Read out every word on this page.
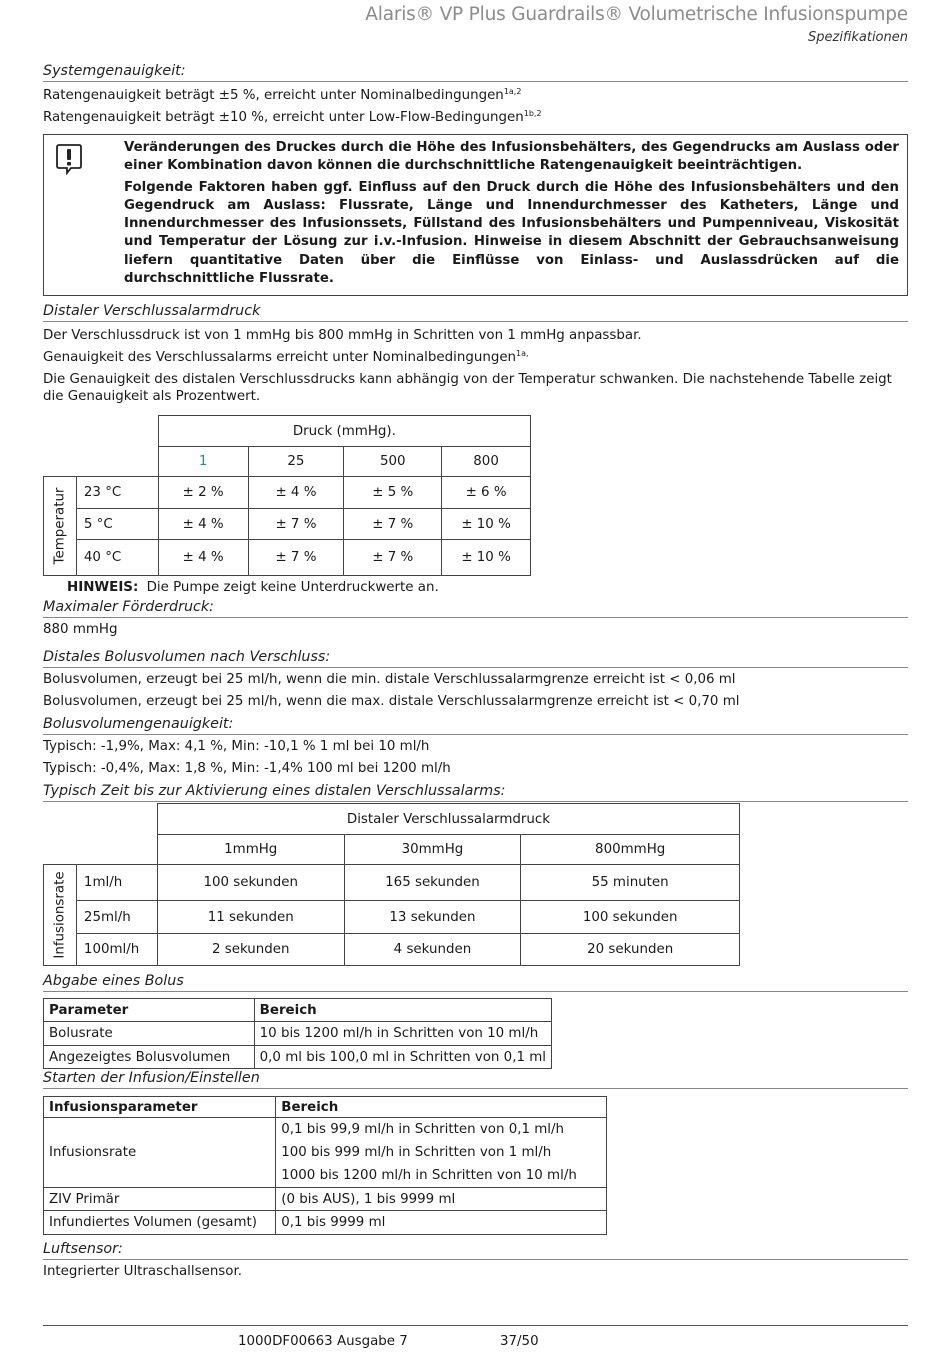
Alaris® VP Plus Guardrails® Volumetrische Infusionspumpe
Spezifikationen
Systemgenauigkeit:
Ratengenauigkeit beträgt ±5 %, erreicht unter Nominalbedingungen$^{1a,2}$
Ratengenauigkeit beträgt ±10 %, erreicht unter Low-Flow-Bedingungen$^{1b,2}$

Veränderungen des Druckes durch die Höhe des Infusionsbehälters, des Gegendrucks am Auslass oder einer Kombination davon können die durchschnittliche Ratengenauigkeit beeinträchtigen.

Folgende Faktoren haben ggf. Einfluss auf den Druck durch die Höhe des Infusionsbehälters und den Gegendruck am Auslass: Flussrate, Länge und Innendurchmesser des Katheters, Länge und Innendurchmesser des Infusionssets, Füllstand des Infusionsbehälters und Pumpenniveau, Viskosität und Temperatur der Lösung zur i.v.-Infusion. Hinweise in diesem Abschnitt der Gebrauchsanweisung liefern quantitative Daten über die Einflüsse von Einlass- und Auslassdrücken auf die durchschnittliche Flussrate.

Distaler Verschlussalarmdruck
Der Verschlussdruck ist von 1 mmHg bis 800 mmHg in Schritten von 1 mmHg anpassbar.
Genauigkeit des Verschlussalarms erreicht unter Nominalbedingungen$^{1a,}$
Die Genauigkeit des distalen Verschlussdrucks kann abhängig von der Temperatur schwanken. Die nachstehende Tabelle zeigt die Genauigkeit als Prozentwert.
		Druck (mmHg).			
		1	25	500	800

Temperatur	23 °C	± 2 %	± 4 %	± 5 %	± 6 %
	5 °C	± 4 %	± 7 %	± 7 %	± 10 %
	40 °C	± 4 %	± 7 %	± 7 %	± 10 %
HINWEIS: Die Pumpe zeigt keine Unterdruckwerte an.
Maximaler Förderdruck:
880 mmHg
Distales Bolusvolumen nach Verschluss:
Bolusvolumen, erzeugt bei 25 ml/h, wenn die min. distale Verschlussalarmgrenze erreicht ist < 0,06 ml
Bolusvolumen, erzeugt bei 25 ml/h, wenn die max. distale Verschlussalarmgrenze erreicht ist < 0,70 ml
Bolusvolumengenauigkeit:
Typisch: -1,9%, Max: 4,1 %, Min: -10,1 % 1 ml bei 10 ml/h
Typisch: -0,4%, Max: 1,8 %, Min: -1,4% 100 ml bei 1200 ml/h
Typisch Zeit bis zur Aktivierung eines distalen Verschlussalarms:
		Distaler Verschlussalarmdruck		
		1mmHg	30mmHg	800mmHg

Infusionsrate	1ml/h	100 sekunden	165 sekunden	55 minuten
	25ml/h	11 sekunden	13 sekunden	100 sekunden
	100ml/h	2 sekunden	4 sekunden	20 sekunden
Abgabe eines Bolus
Parameter	Bereich
Bolusrate	10 bis 1200 ml/h in Schritten von 10 ml/h
Angezeigtes Bolusvolumen	0,0 ml bis 100,0 ml in Schritten von 0,1 ml
Starten der Infusion/Einstellen
Infusionsparameter	Bereich
Infusionsrate	0,1 bis 99,9 ml/h in Schritten von 0,1 ml/h
100 bis 999 ml/h in Schritten von 1 ml/h
1000 bis 1200 ml/h in Schritten von 10 ml/h

ZIV Primär	(0 bis AUS), 1 bis 9999 ml
Infundiertes Volumen (gesamt)	0,1 bis 9999 ml
Luftsensor:
Integrierter Ultraschallsensor.
1000DF00663 Ausgabe 7	37/50
